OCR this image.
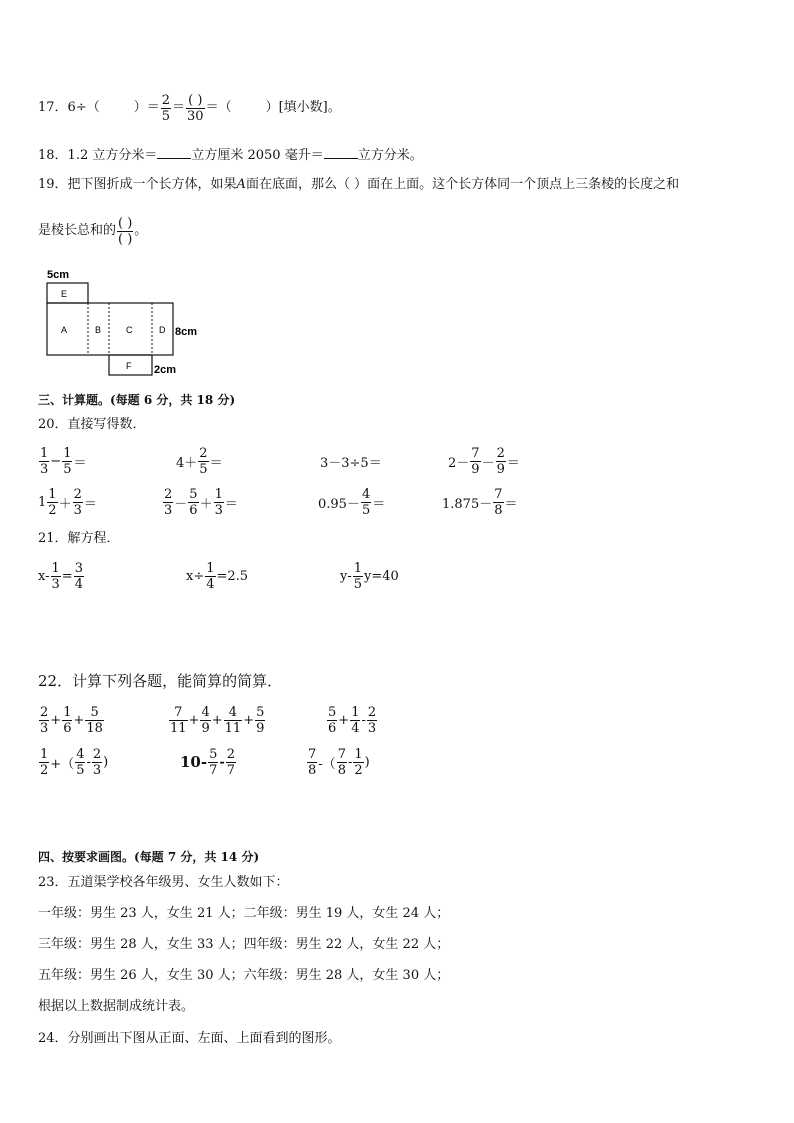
17．6÷（	）＝ $\frac{2}{5} = \frac{( )}{30}$ ＝（	）[填小数]。
18．1.2 立方分米＝	立方厘米 2050 毫升＝	立方分米。
19．把下图折成一个长方体，如果A面在底面，那么（ ）面在上面。这个长方体同一个顶点上三条棱的长度之和
是棱长总和的 $\frac{( )}{( )}$ 。
5cm
E
A	B	C	D
F
8cm
2cm
三、计算题。(每题 6 分，共 18 分)
20．直接写得数．
$\frac{1}{3} - \frac{1}{5}$ ＝	$4+ \frac{2}{5}$ ＝	3－3÷5＝	$2- \frac{7}{9} - \frac{2}{9}$ ＝
$1 \frac{1}{2} + \frac{2}{3}$ ＝	$\frac{2}{3} - \frac{5}{6} + \frac{1}{3}$ ＝	$0.95- \frac{4}{5}$ ＝	$1.875- \frac{7}{8}$ ＝
21．解方程．
$x- \frac{1}{3} = \frac{3}{4}$	$x\div \frac{1}{4} =2.5$	$y- \frac{1}{5} y=40$
22．计算下列各题，能简算的简算．
$\frac{2}{3} + \frac{1}{6} + \frac{5}{18}$	$\frac{7}{11} + \frac{4}{9} + \frac{4}{11} + \frac{5}{9}$	$\frac{5}{6} + \frac{1}{4} - \frac{2}{3}$
$\frac{1}{2}$ +（ $\frac{4}{5} - \frac{2}{3}$ )	$10- \frac{5}{7} - \frac{2}{7}$	$\frac{7}{8}$ -（ $\frac{7}{8} - \frac{1}{2}$ )
四、按要求画图。(每题 7 分，共 14 分)
23．五道渠学校各年级男、女生人数如下：
一年级：男生 23 人，女生 21 人；二年级：男生 19 人，女生 24 人；
三年级：男生 28 人，女生 33 人；四年级：男生 22 人，女生 22 人；
五年级：男生 26 人，女生 30 人；六年级：男生 28 人，女生 30 人；
根据以上数据制成统计表。
24．分别画出下图从正面、左面、上面看到的图形。
